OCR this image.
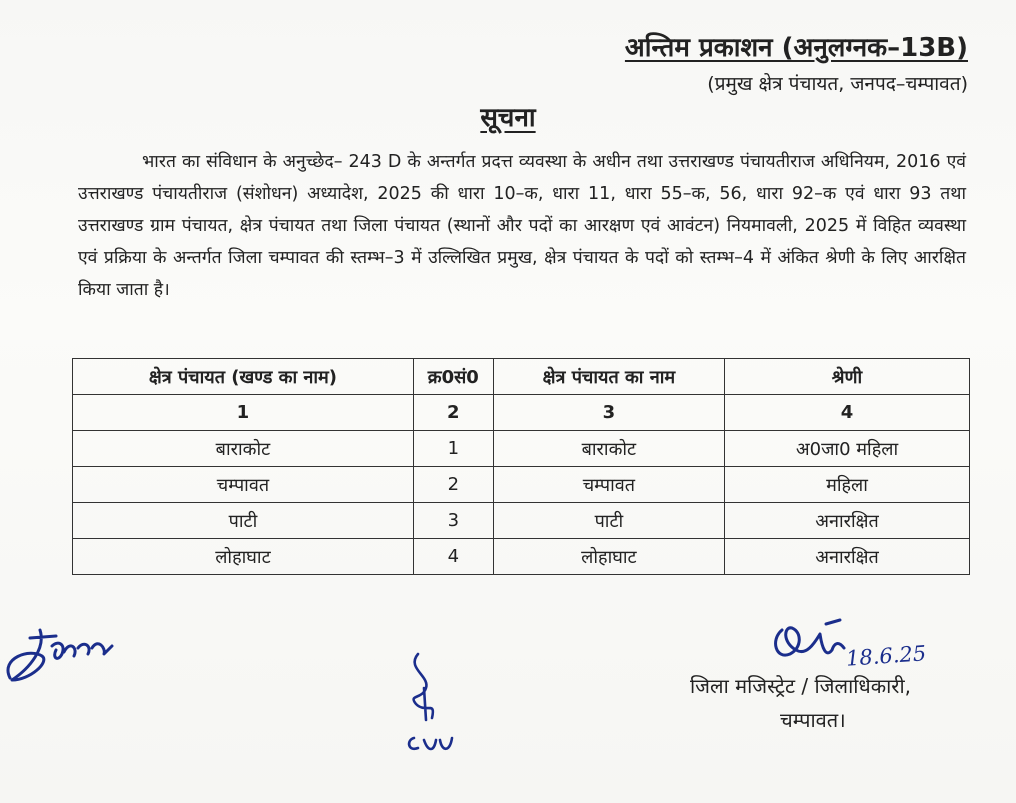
अन्तिम प्रकाशन (अनुलग्नक–13B)
(प्रमुख क्षेत्र पंचायत, जनपद–चम्पावत)
सूचना
भारत का संविधान के अनुच्छेद– 243 D के अन्तर्गत प्रदत्त व्यवस्था के अधीन तथा उत्तराखण्ड पंचायतीराज अधिनियम, 2016 एवं उत्तराखण्ड पंचायतीराज (संशोधन) अध्यादेश, 2025 की धारा 10–क, धारा 11, धारा 55–क, 56, धारा 92–क एवं धारा 93 तथा उत्तराखण्ड ग्राम पंचायत, क्षेत्र पंचायत तथा जिला पंचायत (स्थानों और पदों का आरक्षण एवं आवंटन) नियमावली, 2025 में विहित व्यवस्था एवं प्रक्रिया के अन्तर्गत जिला चम्पावत की स्तम्भ–3 में उल्लिखित प्रमुख, क्षेत्र पंचायत के पदों को स्तम्भ–4 में अंकित श्रेणी के लिए आरक्षित किया जाता है।
क्षेत्र पंचायत (खण्ड का नाम)	क्र0सं0	क्षेत्र पंचायत का नाम	श्रेणी
1	2	3	4
बाराकोट	1	बाराकोट	अ0जा0 महिला
चम्पावत	2	चम्पावत	महिला
पाटी	3	पाटी	अनारक्षित
लोहाघाट	4	लोहाघाट	अनारक्षित
18.6.25
जिला मजिस्ट्रेट / जिलाधिकारी,
चम्पावत।
